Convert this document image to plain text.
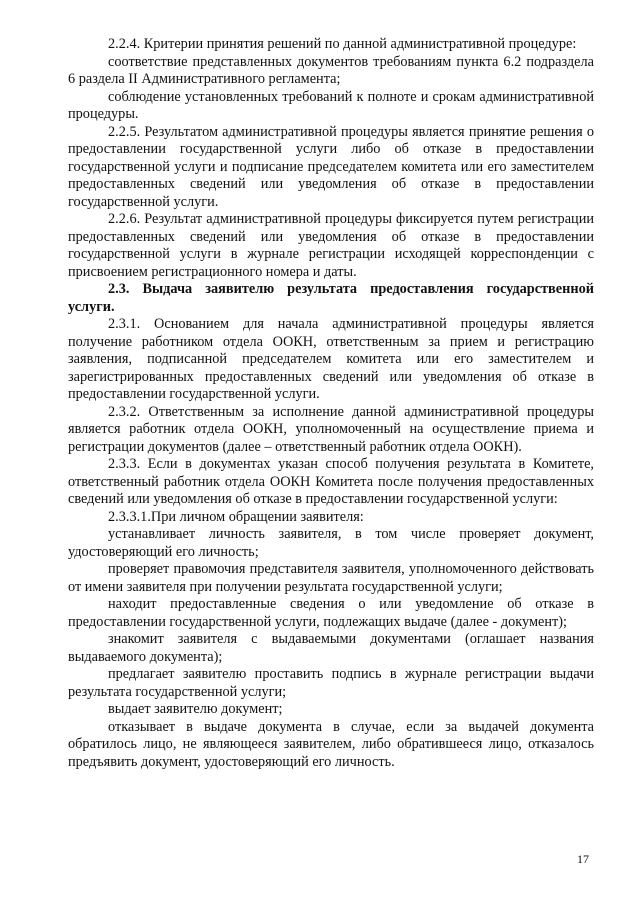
2.2.4. Критерии принятия решений по данной административной процедуре:

соответствие представленных документов требованиям пункта 6.2 подраздела 6 раздела II Административного регламента;

соблюдение установленных требований к полноте и срокам административной процедуры.

2.2.5. Результатом административной процедуры является принятие решения о предоставлении государственной услуги либо об отказе в предоставлении государственной услуги и подписание председателем комитета или его заместителем предоставленных сведений или уведомления об отказе в предоставлении государственной услуги.

2.2.6. Результат административной процедуры фиксируется путем регистрации предоставленных сведений или уведомления об отказе в предоставлении государственной услуги в журнале регистрации исходящей корреспонденции с присвоением регистрационного номера и даты.

2.3. Выдача заявителю результата предоставления государственной услуги.

2.3.1. Основанием для начала административной процедуры является получение работником отдела ООКН, ответственным за прием и регистрацию заявления, подписанной председателем комитета или его заместителем и зарегистрированных предоставленных сведений или уведомления об отказе в предоставлении государственной услуги.

2.3.2. Ответственным за исполнение данной административной процедуры является работник отдела ООКН, уполномоченный на осуществление приема и регистрации документов (далее – ответственный работник отдела ООКН).

2.3.3. Если в документах указан способ получения результата в Комитете, ответственный работник отдела ООКН Комитета после получения предоставленных сведений или уведомления об отказе в предоставлении государственной услуги:

2.3.3.1.При личном обращении заявителя:

устанавливает личность заявителя, в том числе проверяет документ, удостоверяющий его личность;

проверяет правомочия представителя заявителя, уполномоченного действовать от имени заявителя при получении результата государственной услуги;

находит предоставленные сведения о или уведомление об отказе в предоставлении государственной услуги, подлежащих выдаче (далее - документ);

знакомит заявителя с выдаваемыми документами (оглашает названия выдаваемого документа);

предлагает заявителю проставить подпись в журнале регистрации выдачи результата государственной услуги;

выдает заявителю документ;

отказывает в выдаче документа в случае, если за выдачей документа обратилось лицо, не являющееся заявителем, либо обратившееся лицо, отказалось предъявить документ, удостоверяющий его личность.

17
